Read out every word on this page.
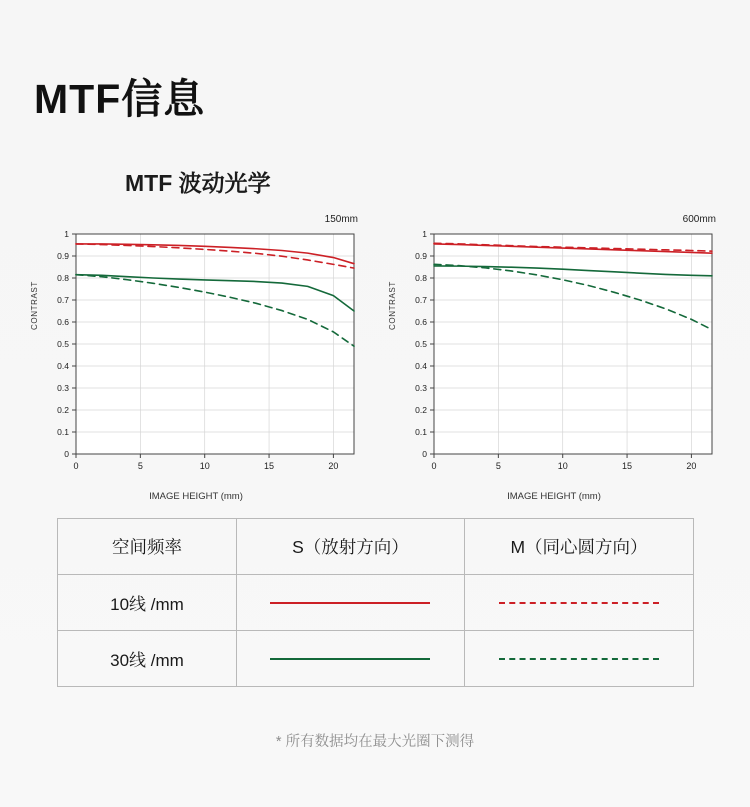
MTF信息
MTF 波动光学
150mm
CONTRAST
0
0.1
0.2
0.3
0.4
0.5
0.6
0.7
0.8
0.9
1
0	5	10	15	20
IMAGE HEIGHT (mm)
600mm
CONTRAST
0
0.1
0.2
0.3
0.4
0.5
0.6
0.7
0.8
0.9
1
0	5	10	15	20
IMAGE HEIGHT (mm)
空间频率	S（放射方向）	M（同心圆方向）
10线 /mm	

30线 /mm	

* 所有数据均在最大光圈下测得
